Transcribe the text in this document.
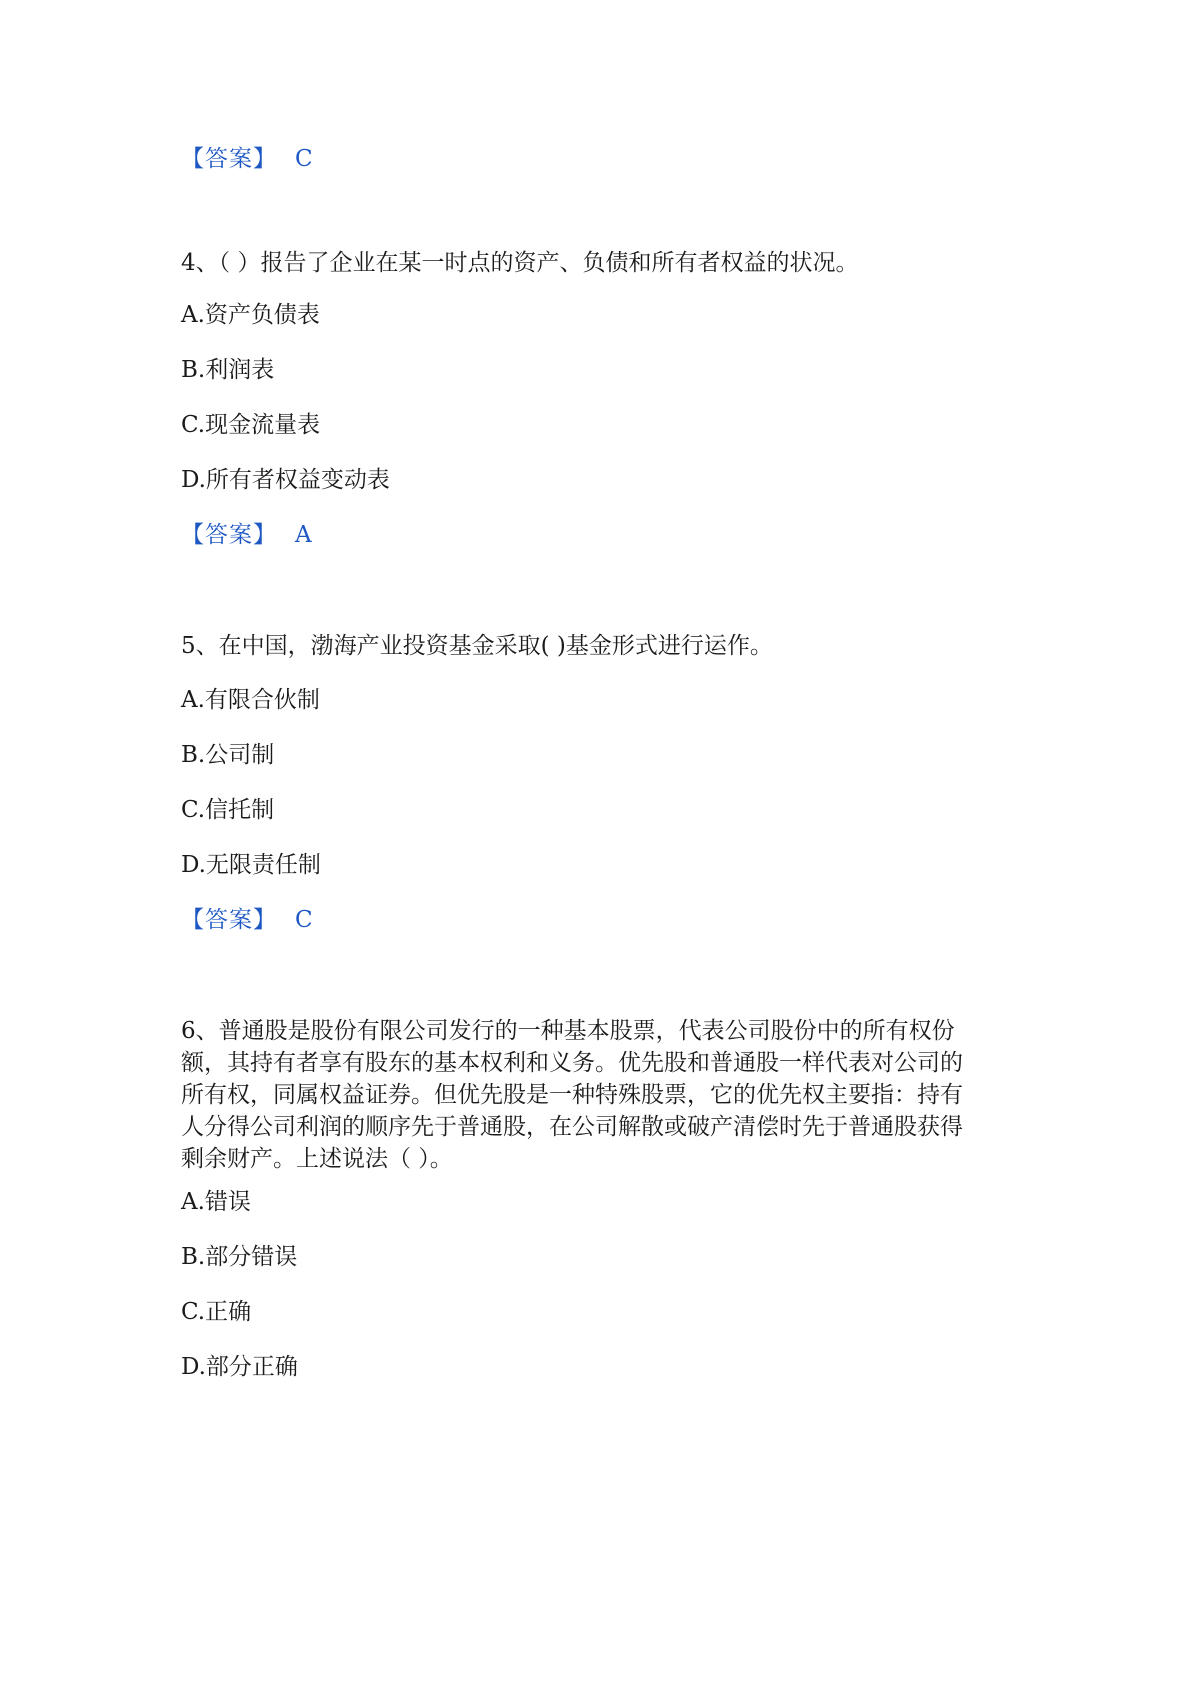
【答案】 C
4、（ ）报告了企业在某一时点的资产、负债和所有者权益的状况。
A.资产负债表
B.利润表
C.现金流量表
D.所有者权益变动表
【答案】 A
5、在中国，渤海产业投资基金采取( )基金形式进行运作。
A.有限合伙制
B.公司制
C.信托制
D.无限责任制
【答案】 C
6、普通股是股份有限公司发行的一种基本股票，代表公司股份中的所有权份
额，其持有者享有股东的基本权利和义务。优先股和普通股一样代表对公司的
所有权，同属权益证券。但优先股是一种特殊股票，它的优先权主要指：持有
人分得公司利润的顺序先于普通股，在公司解散或破产清偿时先于普通股获得
剩余财产。上述说法（ ）。
A.错误
B.部分错误
C.正确
D.部分正确
